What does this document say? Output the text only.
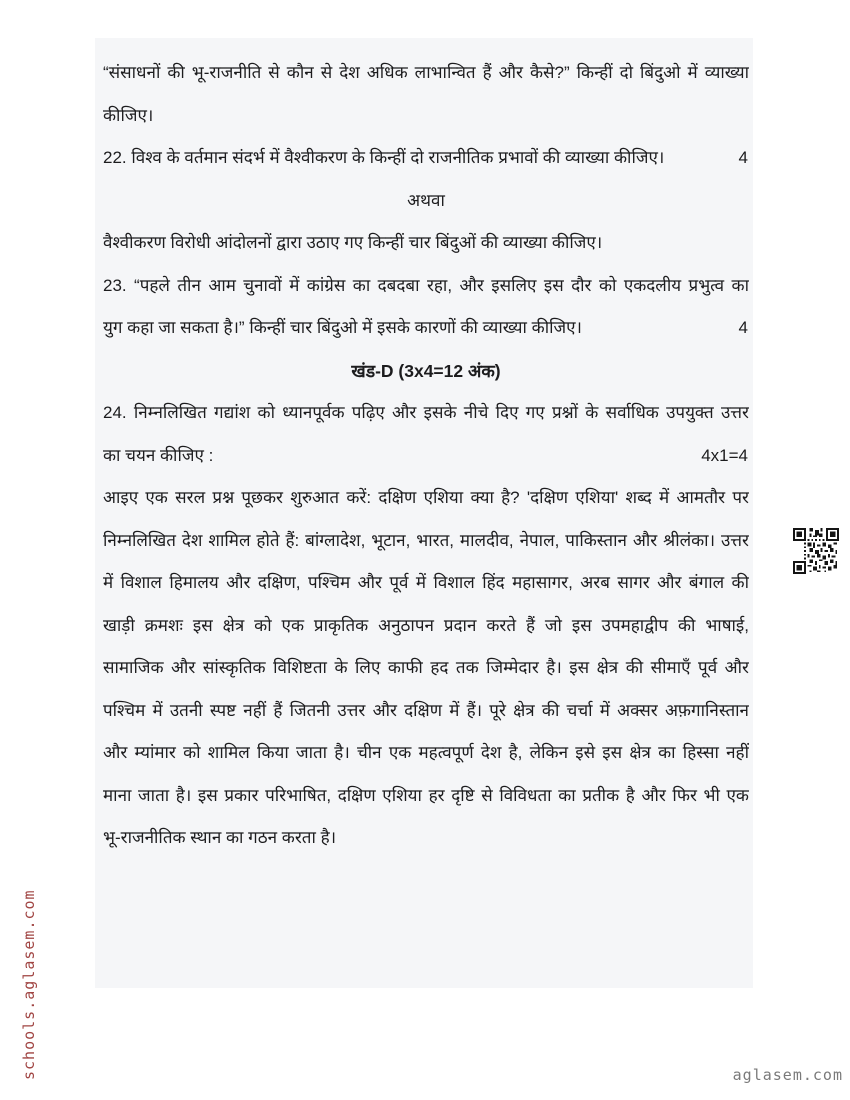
“संसाधनों की भू-राजनीति से कौन से देश अधिक लाभान्वित हैं और कैसे?” किन्हीं दो बिंदुओ में व्याख्या
कीजिए।
22. विश्व के वर्तमान संदर्भ में वैश्वीकरण के किन्हीं दो राजनीतिक प्रभावों की व्याख्या कीजिए।	4
अथवा
वैश्वीकरण विरोधी आंदोलनों द्वारा उठाए गए किन्हीं चार बिंदुओं की व्याख्या कीजिए।
23. “पहले तीन आम चुनावों में कांग्रेस का दबदबा रहा, और इसलिए इस दौर को एकदलीय प्रभुत्व का
युग कहा जा सकता है।” किन्हीं चार बिंदुओ में इसके कारणों की व्याख्या कीजिए।	4
खंड-D (3x4=12 अंक)
24. निम्नलिखित गद्यांश को ध्यानपूर्वक पढ़िए और इसके नीचे दिए गए प्रश्नों के सर्वाधिक उपयुक्त उत्तर
का चयन कीजिए :	4x1=4
आइए एक सरल प्रश्न पूछकर शुरुआत करें: दक्षिण एशिया क्या है? 'दक्षिण एशिया' शब्द में आमतौर पर
निम्नलिखित देश शामिल होते हैं: बांग्लादेश, भूटान, भारत, मालदीव, नेपाल, पाकिस्तान और श्रीलंका। उत्तर
में विशाल हिमालय और दक्षिण, पश्चिम और पूर्व में विशाल हिंद महासागर, अरब सागर और बंगाल की
खाड़ी क्रमशः इस क्षेत्र को एक प्राकृतिक अनुठापन प्रदान करते हैं जो इस उपमहाद्वीप की भाषाई,
सामाजिक और सांस्कृतिक विशिष्टता के लिए काफी हद तक जिम्मेदार है। इस क्षेत्र की सीमाएँ पूर्व और
पश्चिम में उतनी स्पष्ट नहीं हैं जितनी उत्तर और दक्षिण में हैं। पूरे क्षेत्र की चर्चा में अक्सर अफ़गानिस्तान
और म्यांमार को शामिल किया जाता है। चीन एक महत्वपूर्ण देश है, लेकिन इसे इस क्षेत्र का हिस्सा नहीं
माना जाता है। इस प्रकार परिभाषित, दक्षिण एशिया हर दृष्टि से विविधता का प्रतीक है और फिर भी एक
भू-राजनीतिक स्थान का गठन करता है।
schools.aglasem.com	aglasem.com
